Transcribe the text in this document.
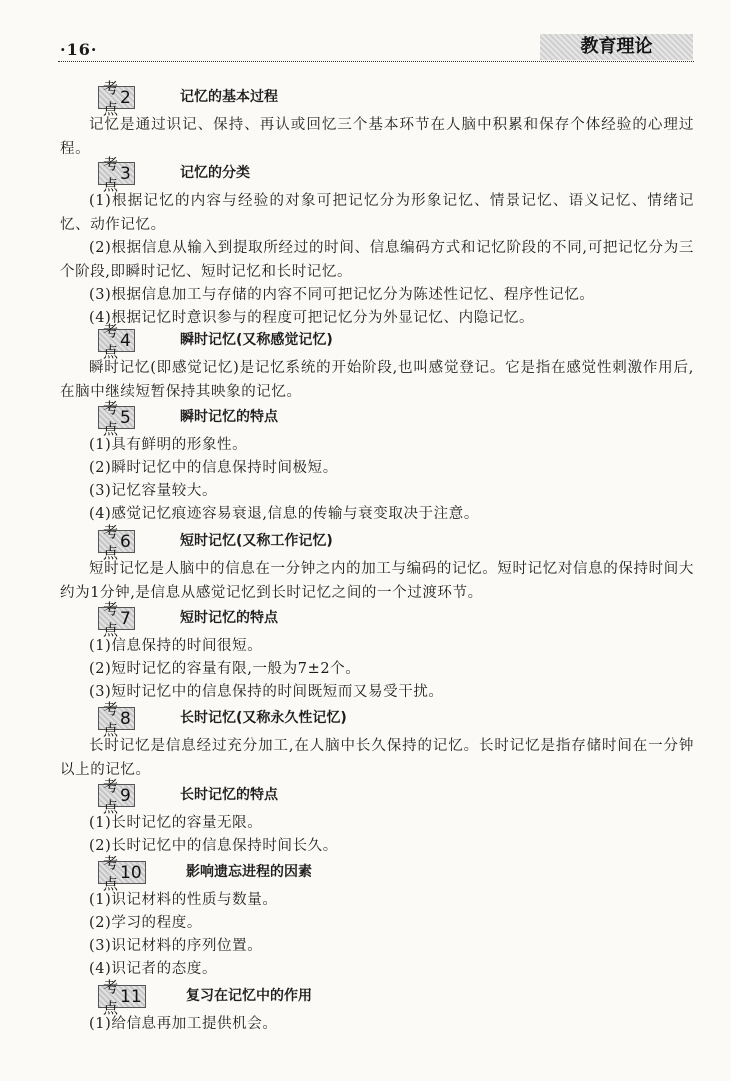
·16·	教育理论
考点
2	记忆的基本过程
记忆是通过识记、保持、再认或回忆三个基本环节在人脑中积累和保存个体经验的心理过程。
考点
3	记忆的分类
(1)根据记忆的内容与经验的对象可把记忆分为形象记忆、情景记忆、语义记忆、情绪记忆、动作记忆。
(2)根据信息从输入到提取所经过的时间、信息编码方式和记忆阶段的不同,可把记忆分为三个阶段,即瞬时记忆、短时记忆和长时记忆。
(3)根据信息加工与存储的内容不同可把记忆分为陈述性记忆、程序性记忆。
(4)根据记忆时意识参与的程度可把记忆分为外显记忆、内隐记忆。
考点
4	瞬时记忆(又称感觉记忆)
瞬时记忆(即感觉记忆)是记忆系统的开始阶段,也叫感觉登记。它是指在感觉性刺激作用后,在脑中继续短暂保持其映象的记忆。
考点
5	瞬时记忆的特点
(1)具有鲜明的形象性。
(2)瞬时记忆中的信息保持时间极短。
(3)记忆容量较大。
(4)感觉记忆痕迹容易衰退,信息的传输与衰变取决于注意。
考点
6	短时记忆(又称工作记忆)
短时记忆是人脑中的信息在一分钟之内的加工与编码的记忆。短时记忆对信息的保持时间大约为1分钟,是信息从感觉记忆到长时记忆之间的一个过渡环节。
考点
7	短时记忆的特点
(1)信息保持的时间很短。
(2)短时记忆的容量有限,一般为7±2个。
(3)短时记忆中的信息保持的时间既短而又易受干扰。
考点
8	长时记忆(又称永久性记忆)
长时记忆是信息经过充分加工,在人脑中长久保持的记忆。长时记忆是指存储时间在一分钟以上的记忆。
考点
9	长时记忆的特点
(1)长时记忆的容量无限。
(2)长时记忆中的信息保持时间长久。
考点
10	影响遗忘进程的因素
(1)识记材料的性质与数量。
(2)学习的程度。
(3)识记材料的序列位置。
(4)识记者的态度。
考点
11	复习在记忆中的作用
(1)给信息再加工提供机会。
